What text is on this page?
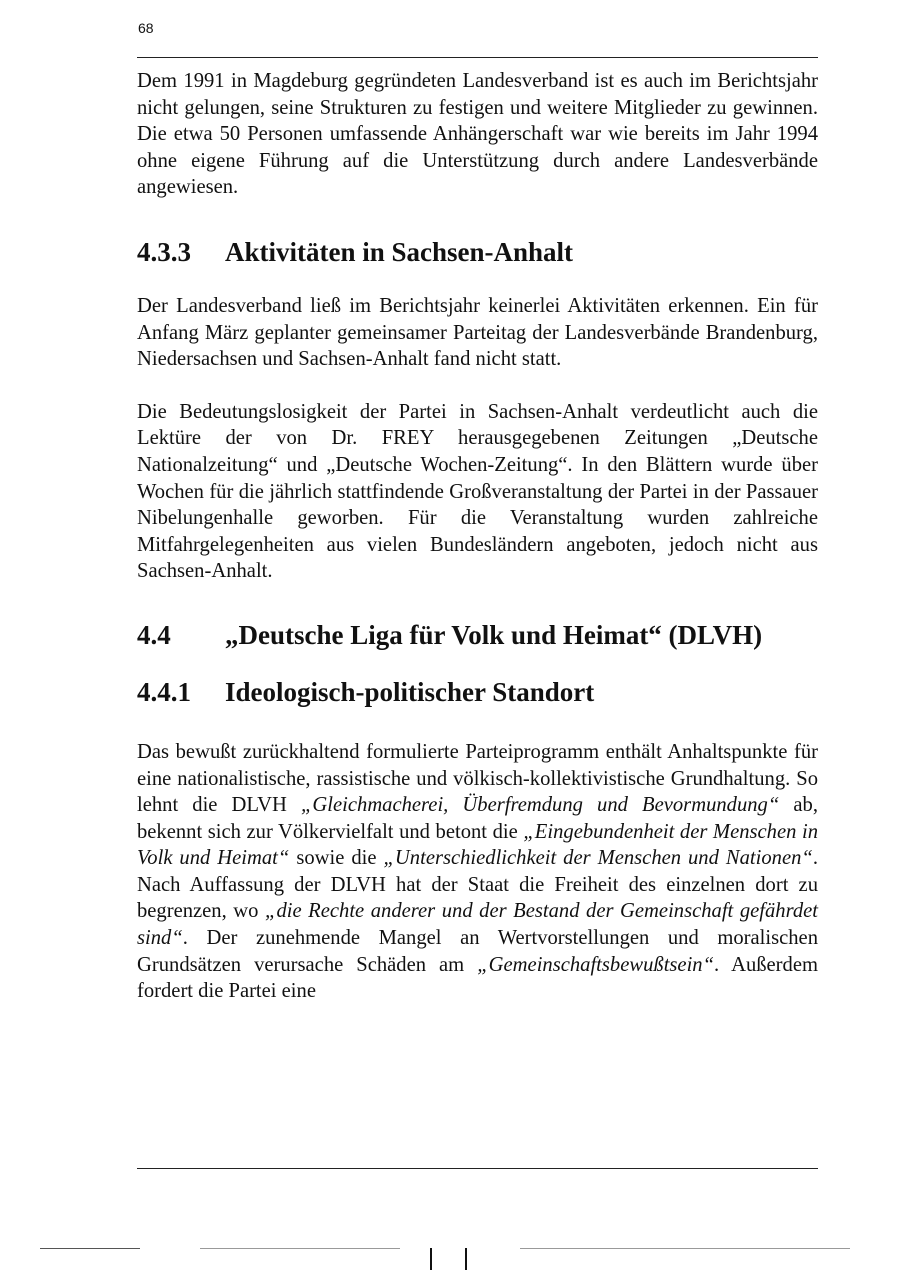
68

Dem 1991 in Magdeburg gegründeten Landesverband ist es auch im Berichtsjahr nicht gelungen, seine Strukturen zu festigen und weitere Mitglieder zu gewinnen. Die etwa 50 Personen umfassende Anhängerschaft war wie bereits im Jahr 1994 ohne eigene Führung auf die Unterstützung durch andere Landesverbände angewiesen.

4.3.3	Aktivitäten in Sachsen-Anhalt

Der Landesverband ließ im Berichtsjahr keinerlei Aktivitäten erkennen. Ein für Anfang März geplanter gemeinsamer Parteitag der Landesverbände Brandenburg, Niedersachsen und Sachsen-Anhalt fand nicht statt.

Die Bedeutungslosigkeit der Partei in Sachsen-Anhalt verdeutlicht auch die Lektüre der von Dr. FREY herausgegebenen Zeitungen „Deutsche Nationalzeitung“ und „Deutsche Wochen-Zeitung“. In den Blättern wurde über Wochen für die jährlich stattfindende Großveranstaltung der Partei in der Passauer Nibelungenhalle geworben. Für die Veranstaltung wurden zahlreiche Mitfahrgelegenheiten aus vielen Bundesländern angeboten, jedoch nicht aus Sachsen-Anhalt.

4.4	„Deutsche Liga für Volk und Heimat“ (DLVH)
4.4.1	Ideologisch-politischer Standort

Das bewußt zurückhaltend formulierte Parteiprogramm enthält Anhaltspunkte für eine nationalistische, rassistische und völkisch-kollektivistische Grundhaltung. So lehnt die DLVH „Gleichmacherei, Überfremdung und Bevormundung“ ab, bekennt sich zur Völkervielfalt und betont die „Eingebundenheit der Menschen in Volk und Heimat“ sowie die „Unterschiedlichkeit der Menschen und Nationen“. Nach Auffassung der DLVH hat der Staat die Freiheit des einzelnen dort zu begrenzen, wo „die Rechte anderer und der Bestand der Gemeinschaft gefährdet sind“. Der zunehmende Mangel an Wertvorstellungen und moralischen Grundsätzen verursache Schäden am „Gemeinschaftsbewußtsein“. Außerdem fordert die Partei eine
